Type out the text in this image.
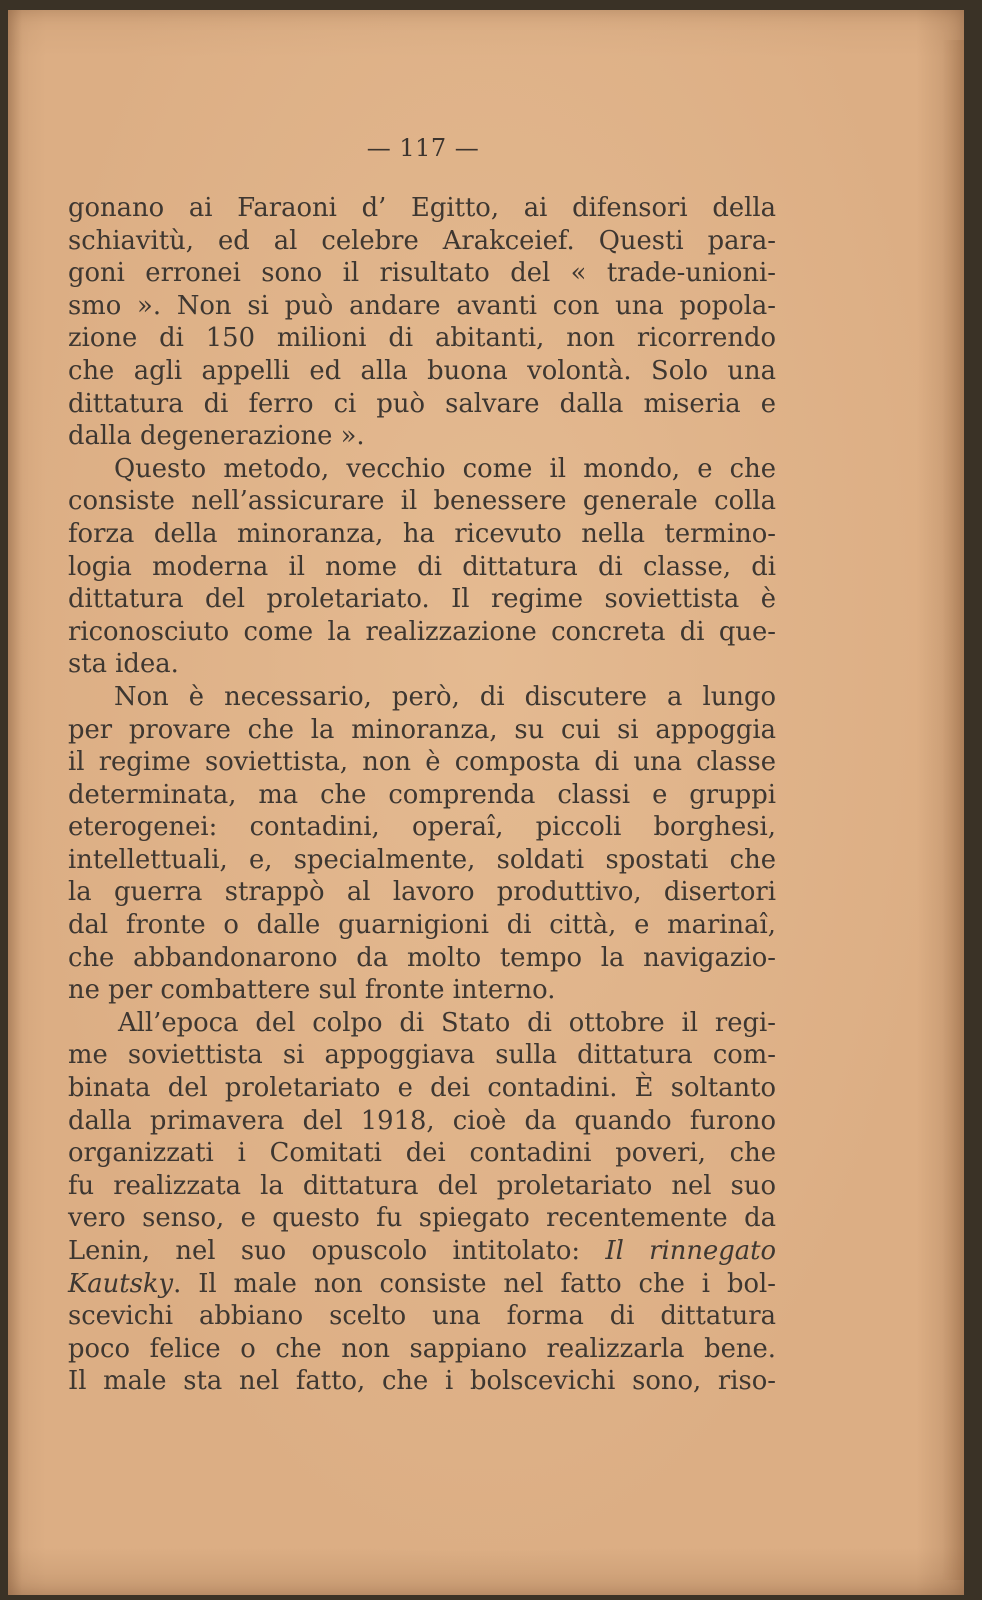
— 117 —
gonano ai Faraoni d’ Egitto, ai difensori della
schiavitù, ed al celebre Arakceief. Questi para-
goni erronei sono il risultato del « trade-unioni-
smo ». Non si può andare avanti con una popola-
zione di 150 milioni di abitanti, non ricorrendo
che agli appelli ed alla buona volontà. Solo una
dittatura di ferro ci può salvare dalla miseria e
dalla degenerazione ».
Questo metodo, vecchio come il mondo, e che
consiste nell’assicurare il benessere generale colla
forza della minoranza, ha ricevuto nella termino-
logia moderna il nome di dittatura di classe, di
dittatura del proletariato. Il regime soviettista è
riconosciuto come la realizzazione concreta di que-
sta idea.
Non è necessario, però, di discutere a lungo
per provare che la minoranza, su cui si appoggia
il regime soviettista, non è composta di una classe
determinata, ma che comprenda classi e gruppi
eterogenei: contadini, operaî, piccoli borghesi,
intellettuali, e, specialmente, soldati spostati che
la guerra strappò al lavoro produttivo, disertori
dal fronte o dalle guarnigioni di città, e marinaî,
che abbandonarono da molto tempo la navigazio-
ne per combattere sul fronte interno.
All’epoca del colpo di Stato di ottobre il regi-
me soviettista si appoggiava sulla dittatura com-
binata del proletariato e dei contadini. È soltanto
dalla primavera del 1918, cioè da quando furono
organizzati i Comitati dei contadini poveri, che
fu realizzata la dittatura del proletariato nel suo
vero senso, e questo fu spiegato recentemente da
Lenin, nel suo opuscolo intitolato: Il rinnegato
Kautsky. Il male non consiste nel fatto che i bol-
scevichi abbiano scelto una forma di dittatura
poco felice o che non sappiano realizzarla bene.
Il male sta nel fatto, che i bolscevichi sono, riso-
